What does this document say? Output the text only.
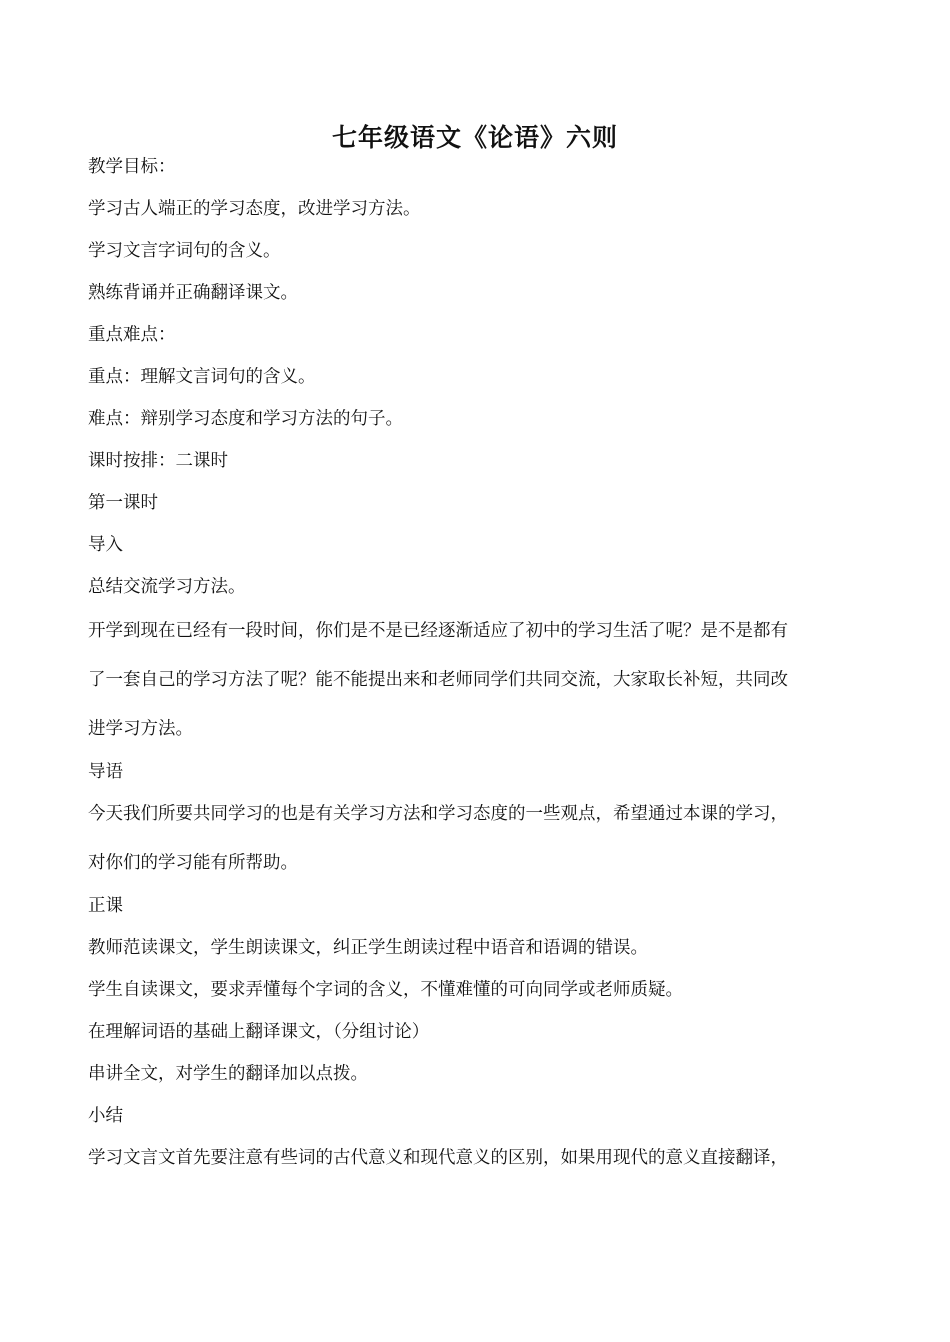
七年级语文《论语》六则
教学目标：
学习古人端正的学习态度，改进学习方法。
学习文言字词句的含义。
熟练背诵并正确翻译课文。
重点难点：
重点：理解文言词句的含义。
难点：辩别学习态度和学习方法的句子。
课时按排：二课时
第一课时
导入
总结交流学习方法。
开学到现在已经有一段时间，你们是不是已经逐渐适应了初中的学习生活了呢？是不是都有
了一套自己的学习方法了呢？能不能提出来和老师同学们共同交流，大家取长补短，共同改
进学习方法。
导语
今天我们所要共同学习的也是有关学习方法和学习态度的一些观点，希望通过本课的学习，
对你们的学习能有所帮助。
正课
教师范读课文，学生朗读课文，纠正学生朗读过程中语音和语调的错误。
学生自读课文，要求弄懂每个字词的含义，不懂难懂的可向同学或老师质疑。
在理解词语的基础上翻译课文，（分组讨论）
串讲全文，对学生的翻译加以点拨。
小结
学习文言文首先要注意有些词的古代意义和现代意义的区别，如果用现代的意义直接翻译，
